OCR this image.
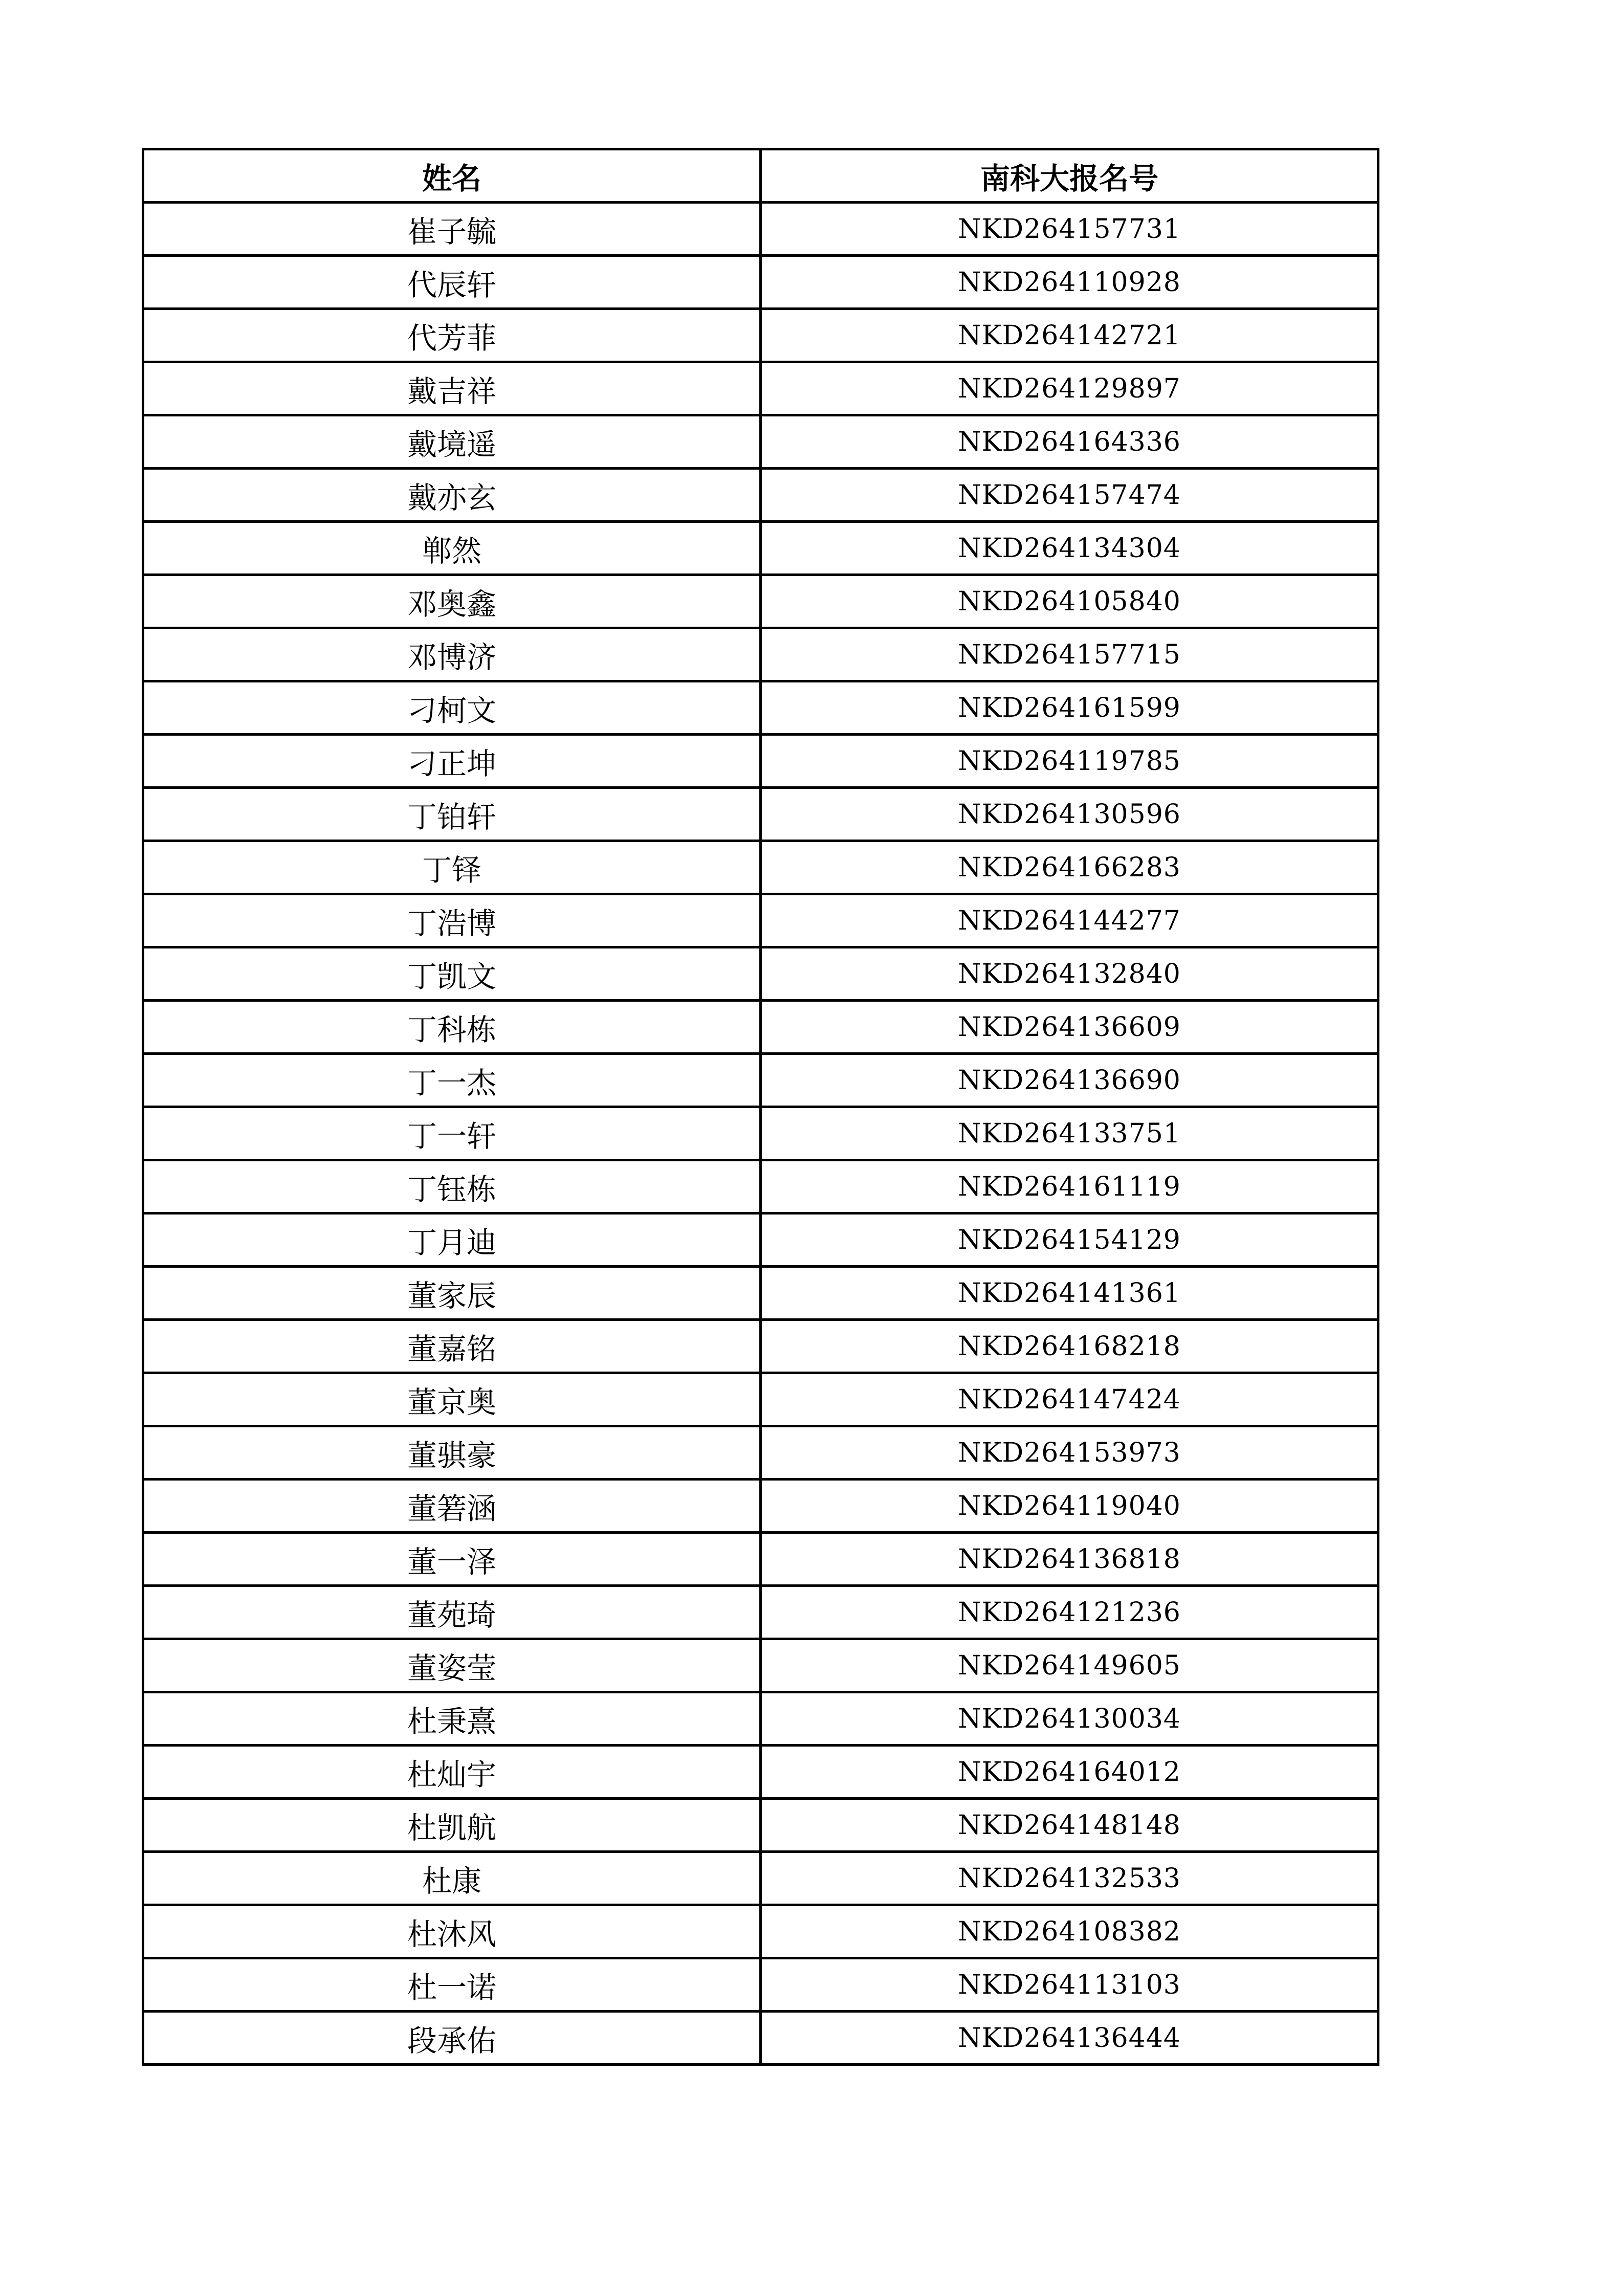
姓名	南科大报名号
崔子毓	NKD264157731
代辰轩	NKD264110928
代芳菲	NKD264142721
戴吉祥	NKD264129897
戴境遥	NKD264164336
戴亦玄	NKD264157474
郸然	NKD264134304
邓奥鑫	NKD264105840
邓博济	NKD264157715
刁柯文	NKD264161599
刁正坤	NKD264119785
丁铂轩	NKD264130596
丁铎	NKD264166283
丁浩博	NKD264144277
丁凯文	NKD264132840
丁科栋	NKD264136609
丁一杰	NKD264136690
丁一轩	NKD264133751
丁钰栋	NKD264161119
丁月迪	NKD264154129
董家辰	NKD264141361
董嘉铭	NKD264168218
董京奥	NKD264147424
董骐豪	NKD264153973
董箬涵	NKD264119040
董一泽	NKD264136818
董苑琦	NKD264121236
董姿莹	NKD264149605
杜秉熹	NKD264130034
杜灿宇	NKD264164012
杜凯航	NKD264148148
杜康	NKD264132533
杜沐风	NKD264108382
杜一诺	NKD264113103
段承佑	NKD264136444
